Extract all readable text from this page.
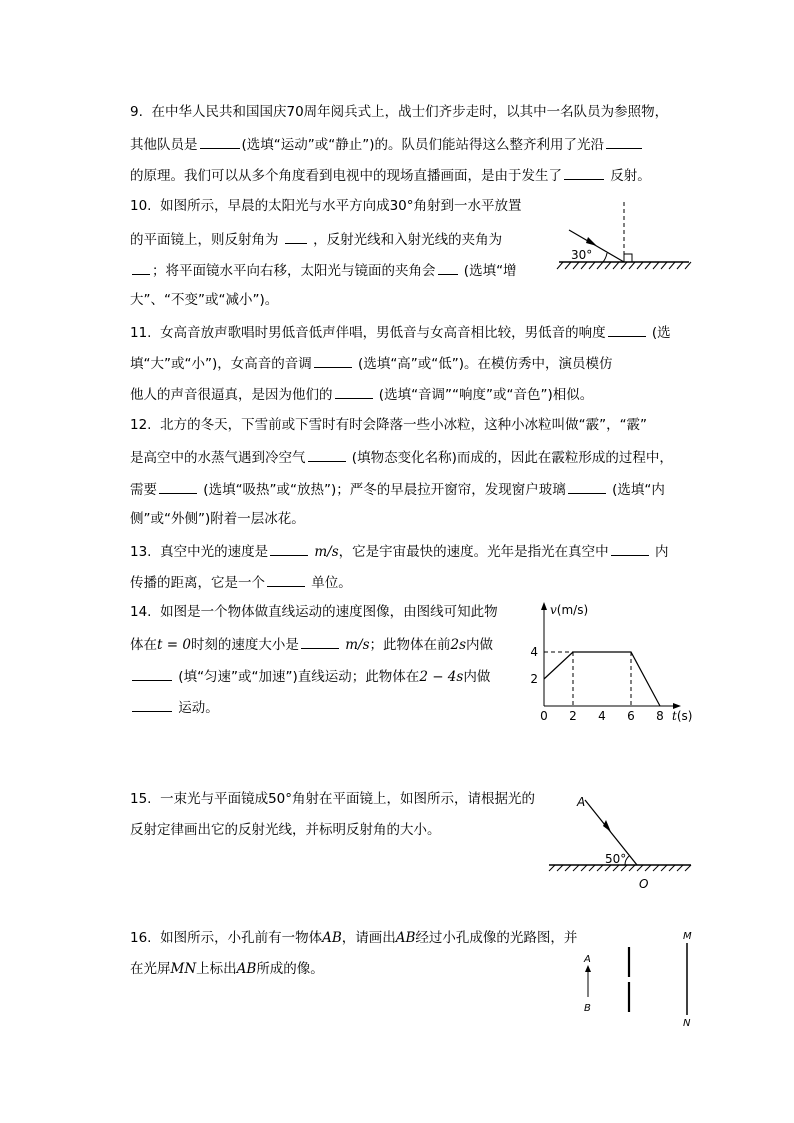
9. 在中华人民共和国国庆70周年阅兵式上，战士们齐步走时，以其中一名队员为参照物，
其他队员是	(选填“运动”或“静止”)的。队员们能站得这么整齐利用了光沿
的原理。我们可以从多个角度看到电视中的现场直播画面，是由于发生了	反射。
10. 如图所示，早晨的太阳光与水平方向成30°角射到一水平放置
的平面镜上，则反射角为	，反射光线和入射光线的夹角为
；将平面镜水平向右移，太阳光与镜面的夹角会 (选填“增
大”、“不变”或“减小”)。
30°
11. 女高音放声歌唱时男低音低声伴唱，男低音与女高音相比较，男低音的响度	(选
填“大”或“小”)，女高音的音调	(选填“高”或“低”)。在模仿秀中，演员模仿
他人的声音很逼真，是因为他们的	(选填“音调”“响度”或“音色”)相似。
12. 北方的冬天，下雪前或下雪时有时会降落一些小冰粒，这种小冰粒叫做“霰”，“霰”
是高空中的水蒸气遇到冷空气	(填物态变化名称)而成的，因此在霰粒形成的过程中，
需要	(选填“吸热”或“放热”)；严冬的早晨拉开窗帘，发现窗户玻璃	(选填“内
侧”或“外侧”)附着一层冰花。
13. 真空中光的速度是	m/s，它是宇宙最快的速度。光年是指光在真空中	内
传播的距离，它是一个	单位。
14. 如图是一个物体做直线运动的速度图像，由图线可知此物
体在t = 0时刻的速度大小是	m/s；此物体在前2s内做
(填“匀速”或“加速”)直线运动；此物体在2 − 4s内做
运动。
v(m/s)
t(s)
0 2 4 6 8
2
4
15. 一束光与平面镜成50°角射在平面镜上，如图所示，请根据光的
反射定律画出它的反射光线，并标明反射角的大小。
A
50°
O
16. 如图所示，小孔前有一物体AB，请画出AB经过小孔成像的光路图，并
在光屏MN上标出AB所成的像。
A
B
M
N
